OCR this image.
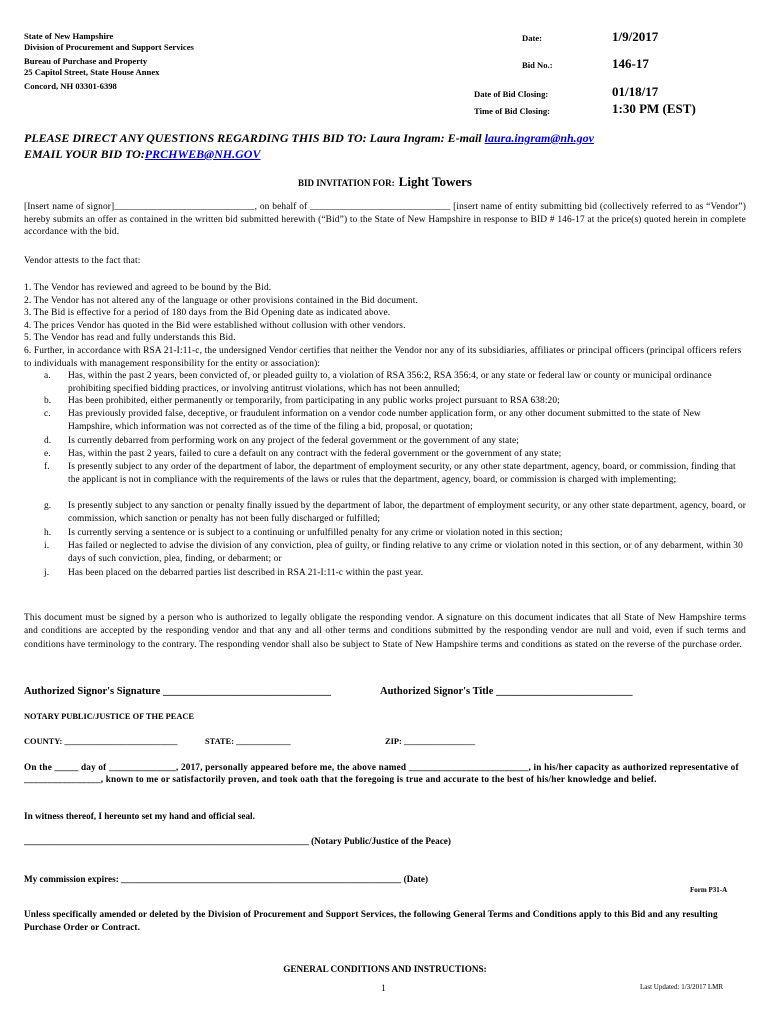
State of New Hampshire
Division of Procurement and Support Services
Bureau of Purchase and Property
25 Capitol Street, State House Annex
Concord, NH 03301-6398
Date:	1/9/2017
Bid No.:	146-17
Date of Bid Closing:	01/18/17
Time of Bid Closing:	1:30 PM (EST)
PLEASE DIRECT ANY QUESTIONS REGARDING THIS BID TO: Laura Ingram: E-mail laura.ingram@nh.gov
EMAIL YOUR BID TO:PRCHWEB@NH.GOV
BID INVITATION FOR: Light Towers
[Insert name of signor]_____________________________, on behalf of _____________________________ [insert name of entity submitting bid (collectively referred to as “Vendor”) hereby submits an offer as contained in the written bid submitted herewith (“Bid”) to the State of New Hampshire in response to BID # 146-17 at the price(s) quoted herein in complete accordance with the bid.
Vendor attests to the fact that:
1. The Vendor has reviewed and agreed to be bound by the Bid.
2. The Vendor has not altered any of the language or other provisions contained in the Bid document.
3. The Bid is effective for a period of 180 days from the Bid Opening date as indicated above.
4. The prices Vendor has quoted in the Bid were established without collusion with other vendors.
5. The Vendor has read and fully understands this Bid.
6. Further, in accordance with RSA 21-I:11-c, the undersigned Vendor certifies that neither the Vendor nor any of its subsidiaries, affiliates or principal officers (principal officers refers to individuals with management responsibility for the entity or association):
a. Has, within the past 2 years, been convicted of, or pleaded guilty to, a violation of RSA 356:2, RSA 356:4, or any state or federal law or county or municipal ordinance prohibiting specified bidding practices, or involving antitrust violations, which has not been annulled;
b. Has been prohibited, either permanently or temporarily, from participating in any public works project pursuant to RSA 638:20;
c. Has previously provided false, deceptive, or fraudulent information on a vendor code number application form, or any other document submitted to the state of New Hampshire, which information was not corrected as of the time of the filing a bid, proposal, or quotation;
d. Is currently debarred from performing work on any project of the federal government or the government of any state;
e. Has, within the past 2 years, failed to cure a default on any contract with the federal government or the government of any state;
f. Is presently subject to any order of the department of labor, the department of employment security, or any other state department, agency, board, or commission, finding that the applicant is not in compliance with the requirements of the laws or rules that the department, agency, board, or commission is charged with implementing;
g. Is presently subject to any sanction or penalty finally issued by the department of labor, the department of employment security, or any other state department, agency, board, or commission, which sanction or penalty has not been fully discharged or fulfilled;
h. Is currently serving a sentence or is subject to a continuing or unfulfilled penalty for any crime or violation noted in this section;
i. Has failed or neglected to advise the division of any conviction, plea of guilty, or finding relative to any crime or violation noted in this section, or of any debarment, within 30 days of such conviction, plea, finding, or debarment; or
j. Has been placed on the debarred parties list described in RSA 21-I:11-c within the past year.
This document must be signed by a person who is authorized to legally obligate the responding vendor. A signature on this document indicates that all State of New Hampshire terms and conditions are accepted by the responding vendor and that any and all other terms and conditions submitted by the responding vendor are null and void, even if such terms and conditions have terminology to the contrary. The responding vendor shall also be subject to State of New Hampshire terms and conditions as stated on the reverse of the purchase order.
Authorized Signor's Signature ________________________________	Authorized Signor's Title __________________________
NOTARY PUBLIC/JUSTICE OF THE PEACE
COUNTY: ___________________________	STATE: _____________	ZIP: _________________
On the _____ day of ______________, 2017, personally appeared before me, the above named _________________________, in his/her capacity as authorized representative of ________________, known to me or satisfactorily proven, and took oath that the foregoing is true and accurate to the best of his/her knowledge and belief.
In witness thereof, I hereunto set my hand and official seal.
______________________________________________________________ (Notary Public/Justice of the Peace)
My commission expires: _____________________________________________________________ (Date)
Form P31-A
Unless specifically amended or deleted by the Division of Procurement and Support Services, the following General Terms and Conditions apply to this Bid and any resulting Purchase Order or Contract.
GENERAL CONDITIONS AND INSTRUCTIONS:
1	Last Updated: 1/3/2017 LMR
